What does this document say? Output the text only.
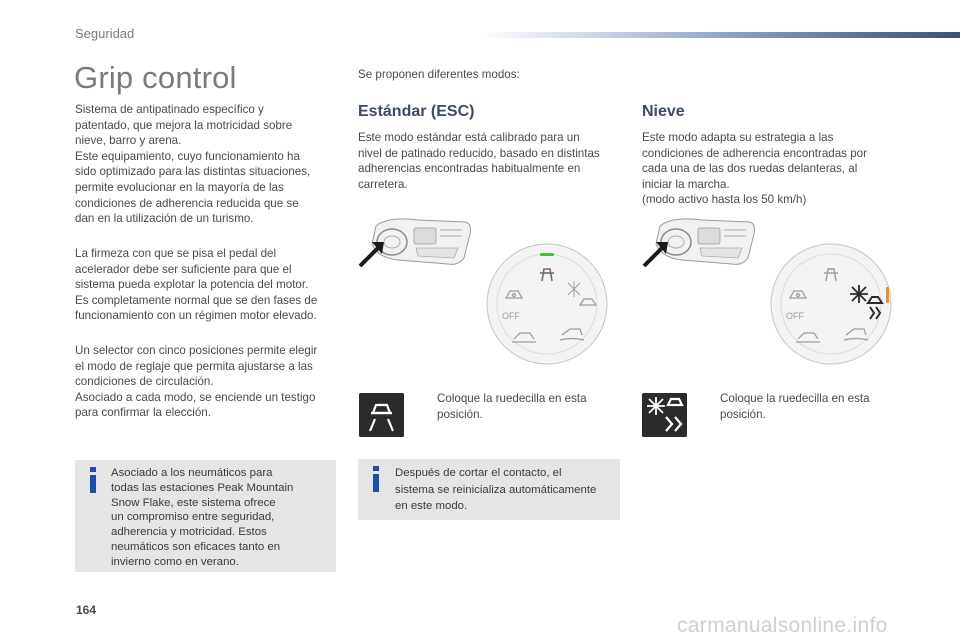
Seguridad
Grip control
Sistema de antipatinado específico y
patentado, que mejora la motricidad sobre
nieve, barro y arena.
Este equipamiento, cuyo funcionamiento ha
sido optimizado para las distintas situaciones,
permite evolucionar en la mayoría de las
condiciones de adherencia reducida que se
dan en la utilización de un turismo.
La firmeza con que se pisa el pedal del
acelerador debe ser suficiente para que el
sistema pueda explotar la potencia del motor.
Es completamente normal que se den fases de
funcionamiento con un régimen motor elevado.
Un selector con cinco posiciones permite elegir
el modo de reglaje que permita ajustarse a las
condiciones de circulación.
Asociado a cada modo, se enciende un testigo
para confirmar la elección.
Asociado a los neumáticos para
todas las estaciones Peak Mountain
Snow Flake, este sistema ofrece
un compromiso entre seguridad,
adherencia y motricidad. Estos
neumáticos son eficaces tanto en
invierno como en verano.
Se proponen diferentes modos:
Estándar (ESC)
Este modo estándar está calibrado para un
nivel de patinado reducido, basado en distintas
adherencias encontradas habitualmente en
carretera.
OFF
Coloque la ruedecilla en esta
posición.
Después de cortar el contacto, el
sistema se reinicializa automáticamente
en este modo.
Nieve
Este modo adapta su estrategia a las
condiciones de adherencia encontradas por
cada una de las dos ruedas delanteras, al
iniciar la marcha.
(modo activo hasta los 50 km/h)
OFF
Coloque la ruedecilla en esta
posición.
164
carmanualsonline.info
